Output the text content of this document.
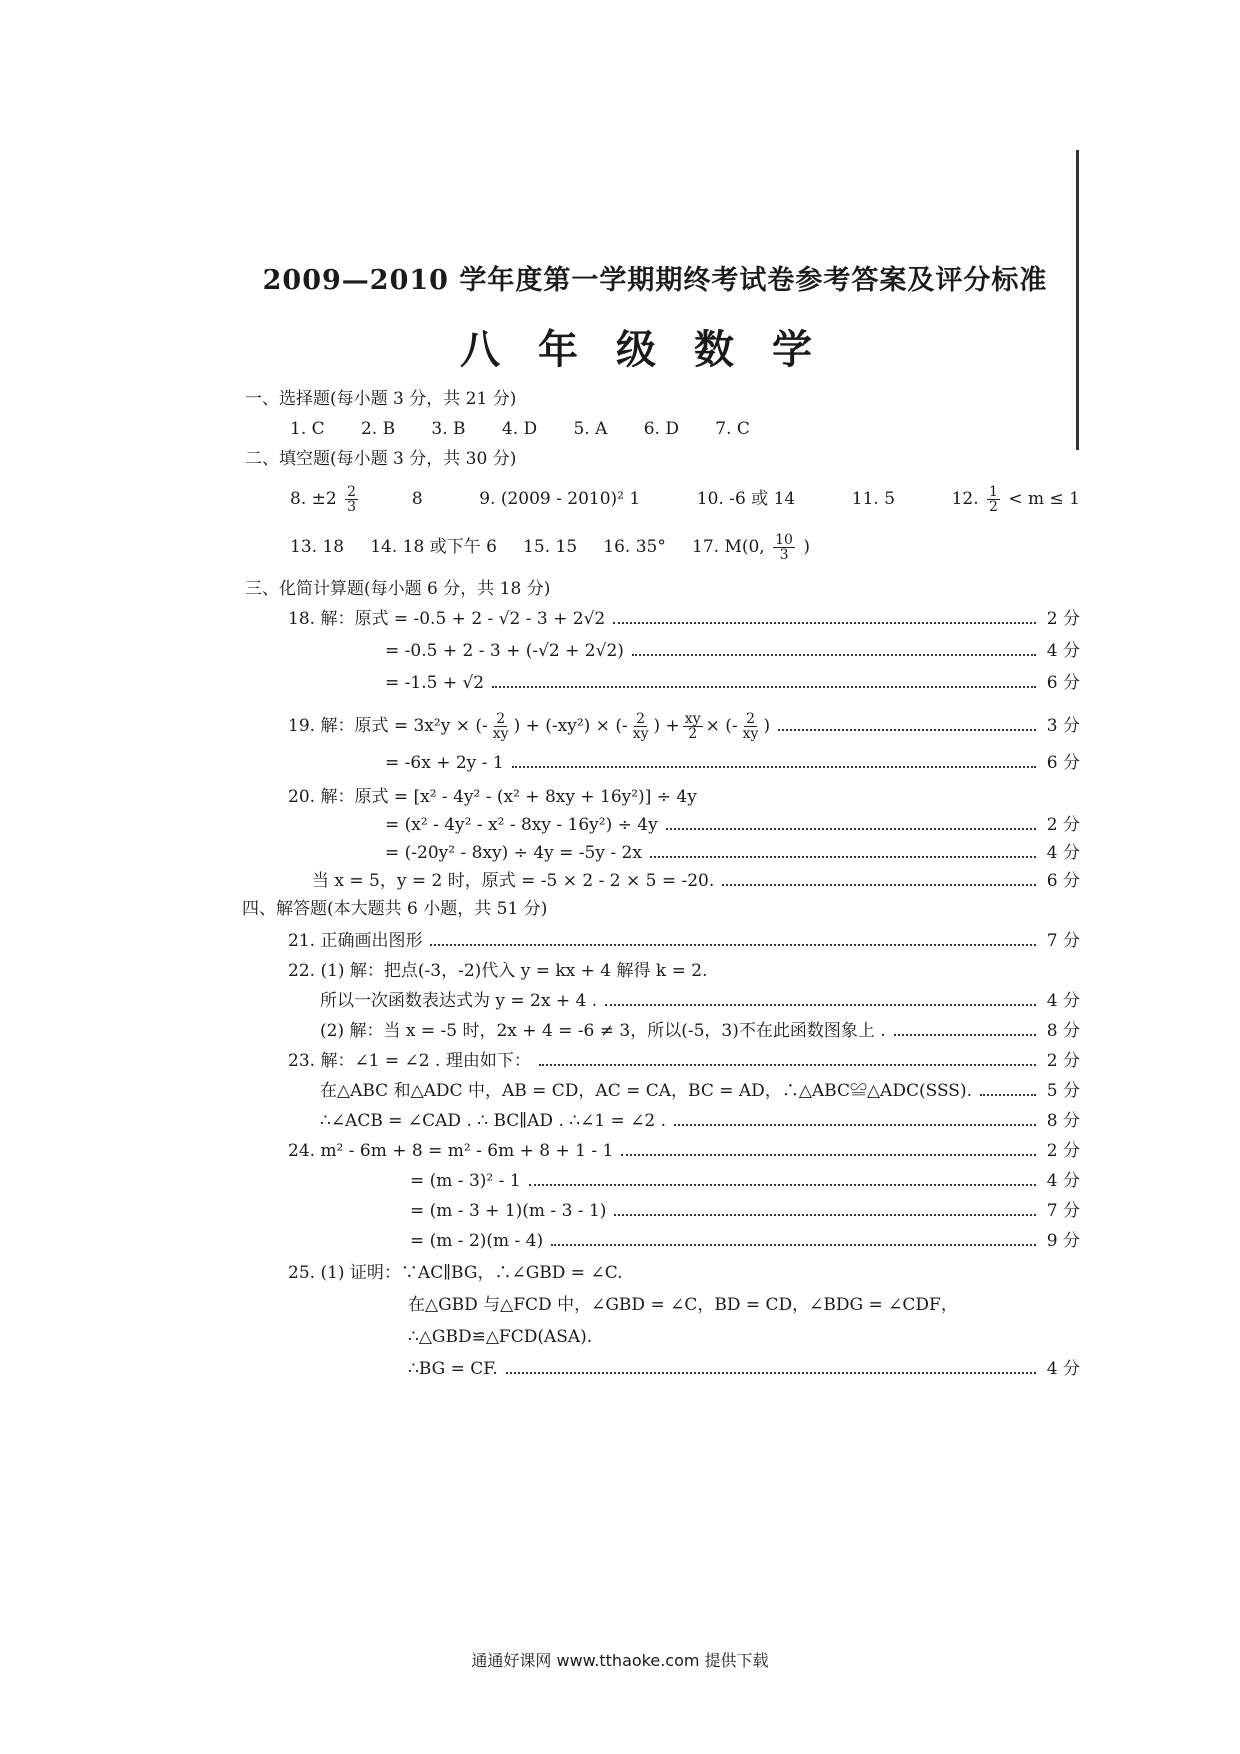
2009—2010 学年度第一学期期终考试卷参考答案及评分标准
八年级数学
一、选择题(每小题 3 分，共 21 分)
1. C 2. B 3. B 4. D 5. A 6. D 7. C
二、填空题(每小题 3 分，共 30 分)
8. $\pm 2 \frac{2}{3}$	8	9. (2009 - 2010)² 1	10. -6 或 14	11. 5	12. $\frac{1}{2} < m \le 1$
13. 18 14. 18 或下午 6 15. 15 16. 35° 17. M(0, $\frac{10}{3}$ )
三、化简计算题(每小题 6 分，共 18 分)
18. 解：原式 = -0.5 + 2 - √2 - 3 + 2√2	2 分
= -0.5 + 2 - 3 + (-√2 + 2√2)	4 分
= -1.5 + √2	6 分
19. 解：原式 = 3x²y × (- $\frac{2}{xy}$ ) + (-xy²) × (- $\frac{2}{xy}$ ) + $\frac{xy}{2}$ × (- $\frac{2}{xy}$ )	3 分
= -6x + 2y - 1	6 分
20. 解：原式 = [x² - 4y² - (x² + 8xy + 16y²)] ÷ 4y
= (x² - 4y² - x² - 8xy - 16y²) ÷ 4y	2 分
= (-20y² - 8xy) ÷ 4y = -5y - 2x	4 分
当 x = 5，y = 2 时，原式 = -5 × 2 - 2 × 5 = -20.	6 分
四、解答题(本大题共 6 小题，共 51 分)
21. 正确画出图形	7 分
22. (1) 解：把点(-3，-2)代入 y = kx + 4 解得 k = 2.
所以一次函数表达式为 y = 2x + 4 .	4 分
(2) 解：当 x = -5 时，2x + 4 = -6 ≠ 3，所以(-5，3)不在此函数图象上 .	8 分
23. 解：∠1 = ∠2 . 理由如下：	2 分
在△ABC 和△ADC 中，AB = CD，AC = CA，BC = AD，∴△ABC≌△ADC(SSS).	5 分
∴∠ACB = ∠CAD . ∴ BC∥AD . ∴∠1 = ∠2 .	8 分
24. m² - 6m + 8 = m² - 6m + 8 + 1 - 1	2 分
= (m - 3)² - 1	4 分
= (m - 3 + 1)(m - 3 - 1)	7 分
= (m - 2)(m - 4)	9 分
25. (1) 证明：∵AC∥BG，∴∠GBD = ∠C.
在△GBD 与△FCD 中，∠GBD = ∠C，BD = CD，∠BDG = ∠CDF，
∴△GBD≌△FCD(ASA).
∴BG = CF.	4 分
通通好课网 www.tthaoke.com 提供下载
